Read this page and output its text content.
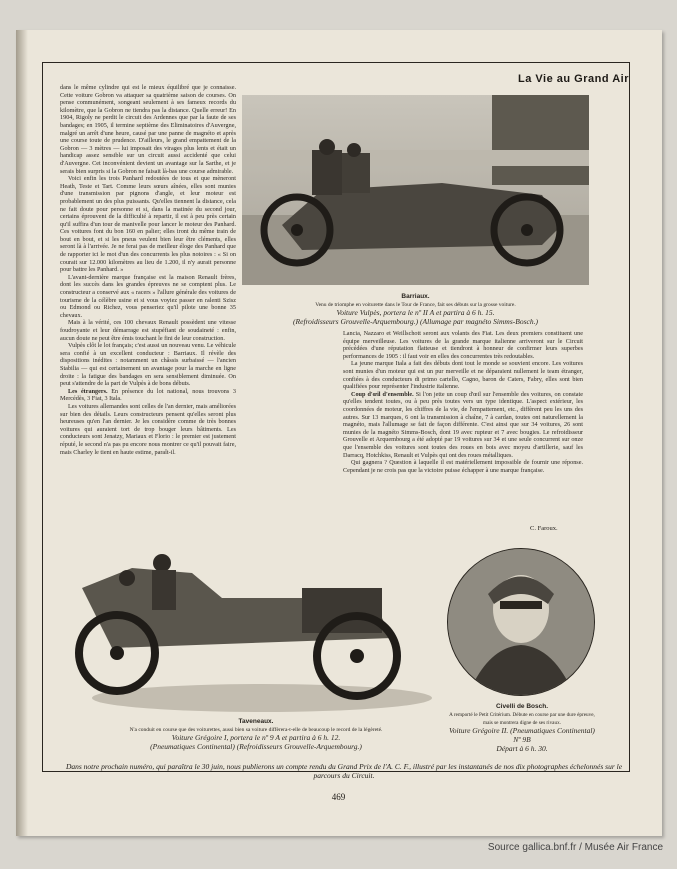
La Vie au Grand Air
Barriaux.
Venu de triomphe en voiturette dans le Tour de France, fait ses débuts sur la grosse voiture.
Voiture Vulpès, portera le nº II A et partira à 6 h. 15.
(Refroidisseurs Grouvelle-Arquembourg.) (Allumage par magnéto Simms-Bosch.)

dans le même cylindre qui est le mieux équilibré que je connaisse. Cette voiture Gobron va attaquer sa quatrième saison de courses. On pense communément, songeant seulement à ses fameux records du kilomètre, que la Gobron ne tiendra pas la distance. Quelle erreur! En 1904, Rigoly ne perdit le circuit des Ardennes que par la faute de ses bandages; en 1905, il termine septième des Eliminatoires d'Auvergne, malgré un arrêt d'une heure, causé par une panne de magnéto et après une course toute de prudence. D'ailleurs, le grand empattement de la Gobron — 3 mètres — lui imposait des virages plus lents et était un handicap assez sensible sur un circuit aussi accidenté que celui d'Auvergne. Cet inconvénient devient un avantage sur la Sarthe, et je serais bien surpris si la Gobron ne faisait là-bas une course admirable.

Voici enfin les trois Panhard redoutées de tous et que mèneront Heath, Teste et Tart. Comme leurs sœurs aînées, elles sont munies d'une transmission par pignons d'angle, et leur moteur est probablement un des plus puissants. Qu'elles tiennent la distance, cela ne fait doute pour personne et si, dans la matinée du second jour, certains éprouvent de la difficulté à repartir, il est à peu près certain qu'il suffira d'un tour de manivelle pour lancer le moteur des Panhard. Ces voitures font du bon 160 en palier; elles iront du même train de bout en bout, et si les pneus veulent bien leur être cléments, elles seront là à l'arrivée. Je ne ferai pas de meilleur éloge des Panhard que de rapporter ici le mot d'un des concurrents les plus notoires : « Si on courait sur 12.000 kilomètres au lieu de 1.200, il n'y aurait personne pour battre les Panhard. »

L'avant-dernière marque française est la maison Renault frères, dont les succès dans les grandes épreuves ne se comptent plus. Le constructeur a conservé aux « racers » l'allure générale des voitures de tourisme de la célèbre usine et si vous voyiez passer en ralenti Szisz ou Edmond ou Richez, vous penseriez qu'il pilote une bonne 35 chevaux.

Mais à la vérité, ces 100 chevaux Renault possèdent une vitesse foudroyante et leur démarrage est stupéfiant de soudaineté : enfin, aucun doute ne peut être émis touchant le fini de leur construction.

Vulpès clôt le lot français; c'est aussi un nouveau venu. Le véhicule sera confié à un excellent conducteur : Barriaux. Il révèle des dispositions inédites : notamment un châssis surbaissé — l'ancien Stabilia — qui est certainement un avantage pour la marche en ligne droite : la fatigue des bandages en sera sensiblement diminuée. On peut s'attendre de la part de Vulpès à de bons débuts.

Les étrangers. En présence du lot national, nous trouvons 3 Mercédès, 3 Fiat, 3 Itala.

Les voitures allemandes sont celles de l'an dernier, mais améliorées sur bien des détails. Leurs constructeurs pensent qu'elles seront plus heureuses qu'en l'an dernier. Je les considère comme de très bonnes voitures qui auraient tort de trop bouger leurs bâtiments. Les conducteurs sont Jenatzy, Mariaux et Florio : le premier est justement réputé, le second n'a pas pu encore nous montrer ce qu'il pouvait faire, mais Charley le tient en haute estime, paraît-il.

Lancia, Nazzaro et Weillschott seront aux volants des Fiat. Les deux premiers constituent une équipe merveilleuse. Les voitures de la grande marque italienne arriveront sur le Circuit précédées d'une réputation flatteuse et tiendront à honneur de confirmer leurs superbes performances de 1905 : il faut voir en elles des concurrentes très redoutables.

La jeune marque Itala a fait des débuts dont tout le monde se souvient encore. Les voitures sont munies d'un moteur qui est un pur merveille et ne déparaient nullement le team étranger, confiées à des conducteurs di primo cartello, Cagno, baron de Caters, Fabry, elles sont bien qualifiées pour représenter l'industrie italienne.

Coup d'œil d'ensemble. Si l'on jette un coup d'œil sur l'ensemble des voitures, on constate qu'elles tendent toutes, ou à peu près toutes vers un type identique. L'aspect extérieur, les coordonnées de moteur, les chiffres de la vie, de l'empattement, etc., diffèrent peu les uns des autres. Sur 13 marques, 6 ont la transmission à chaîne, 7 à cardan, toutes ont naturellement la magnéto, mais l'allumage se fait de façon différente. C'est ainsi que sur 34 voitures, 26 sont munies de la magnéto Simms-Bosch, dont 19 avec rupteur et 7 avec bougies. Le refroidisseur Grouvelle et Arquembourg a été adopté par 19 voitures sur 34 et une seule concurrent sur onze que l'ensemble des voitures sont toutes des roues en bois avec moyeu d'artillerie, sauf les Darracq, Hotchkiss, Renault et Vulpès qui ont des roues métalliques.

Qui gagnera ? Question à laquelle il est matériellement impossible de fournir une réponse. Cependant je ne crois pas que la victoire puisse échapper à une marque française.

C. Faroux.
Taveneaux.
N'a conduit en course que des voiturettes, aussi bien sa voiture diffèrera-t-elle de beaucoup le record de la légèreté.
Voiture Grégoire I, portera le nº 9 A et partira à 6 h. 12.
(Pneumatiques Continental) (Refroidisseurs Grouvelle-Arquembourg.)
Civelli de Bosch.
A remporté le Petit Critérium. Débute en course par une dure épreuve, mais se montrera digne de ses rivaux.
Voiture Grégoire II. (Pneumatiques Continental) Nº 9B
Départ à 6 h. 30.
Dans notre prochain numéro, qui paraîtra le 30 juin, nous publierons un compte rendu du Grand Prix de l'A. C. F., illustré par les instantanés de nos dix photographes échelonnés sur le parcours du Circuit.
469
Source gallica.bnf.fr / Musée Air France
